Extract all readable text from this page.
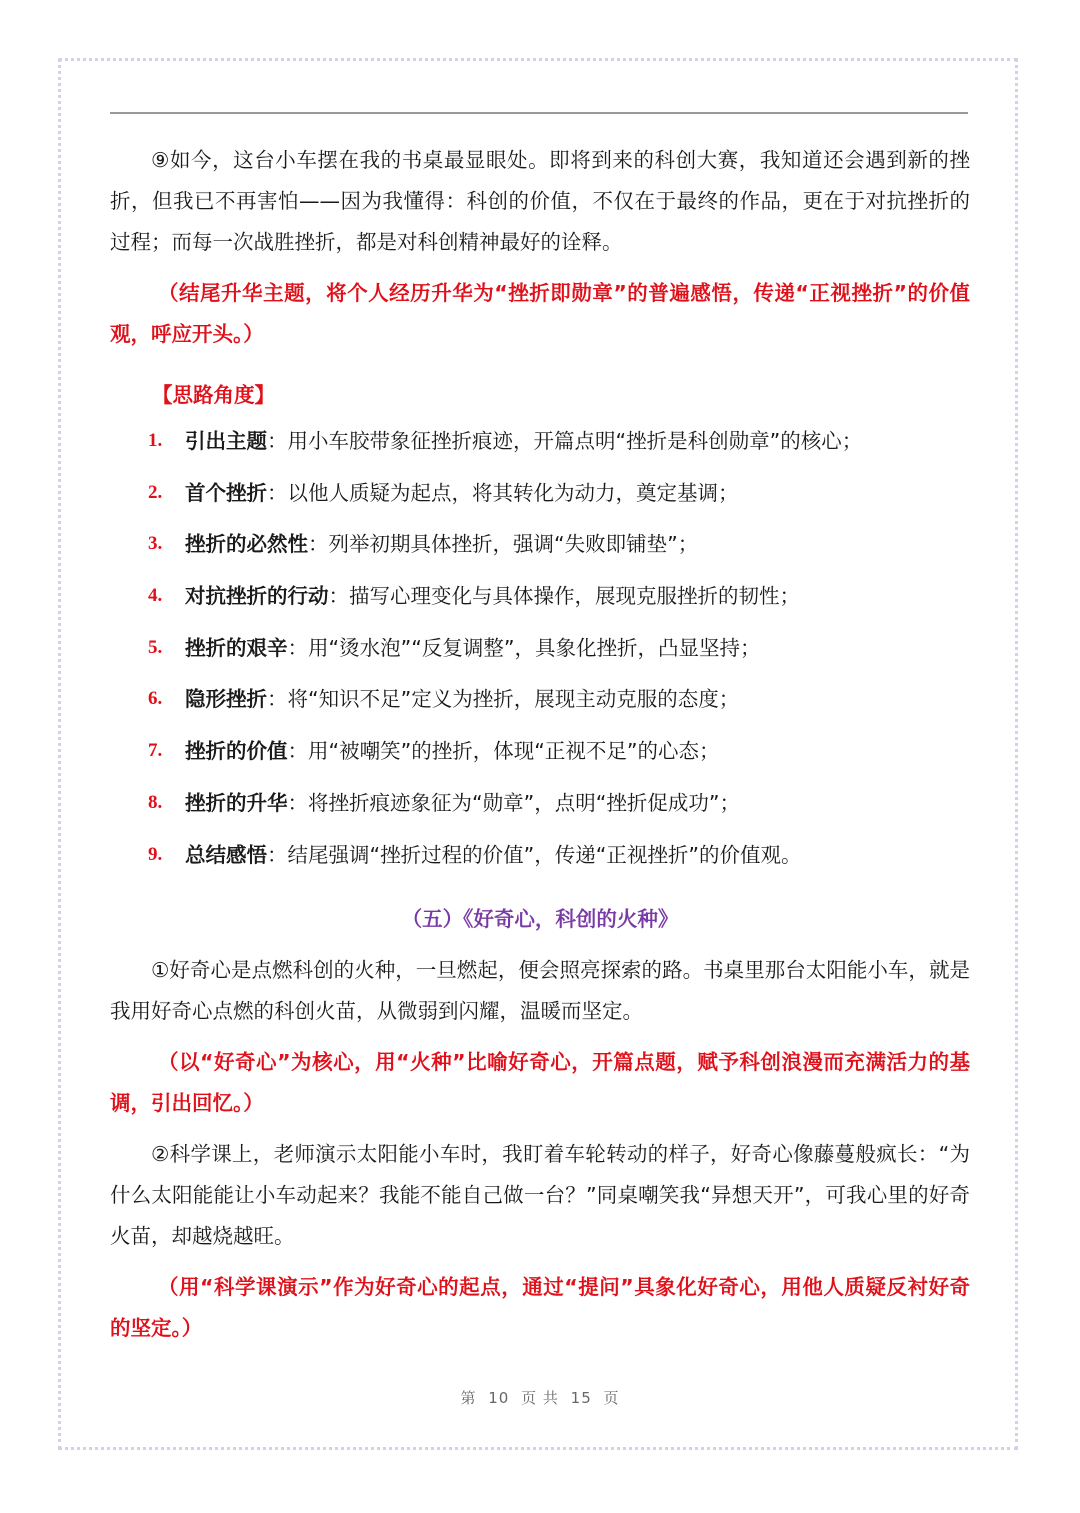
⑨如今，这台小车摆在我的书桌最显眼处。即将到来的科创大赛，我知道还会遇到新的挫折，但我已不再害怕——因为我懂得：科创的价值，不仅在于最终的作品，更在于对抗挫折的过程；而每一次战胜挫折，都是对科创精神最好的诠释。

（结尾升华主题，将个人经历升华为“挫折即勋章”的普遍感悟，传递“正视挫折”的价值观，呼应开头。）

【思路角度】

1.	引出主题：用小车胶带象征挫折痕迹，开篇点明“挫折是科创勋章”的核心；
2.	首个挫折：以他人质疑为起点，将其转化为动力，奠定基调；
3.	挫折的必然性：列举初期具体挫折，强调“失败即铺垫”；
4.	对抗挫折的行动：描写心理变化与具体操作，展现克服挫折的韧性；
5.	挫折的艰辛：用“烫水泡”“反复调整”，具象化挫折，凸显坚持；
6.	隐形挫折：将“知识不足”定义为挫折，展现主动克服的态度；
7.	挫折的价值：用“被嘲笑”的挫折，体现“正视不足”的心态；
8.	挫折的升华：将挫折痕迹象征为“勋章”，点明“挫折促成功”；
9.	总结感悟：结尾强调“挫折过程的价值”，传递“正视挫折”的价值观。

（五）《好奇心，科创的火种》

①好奇心是点燃科创的火种，一旦燃起，便会照亮探索的路。书桌里那台太阳能小车，就是我用好奇心点燃的科创火苗，从微弱到闪耀，温暖而坚定。

（以“好奇心”为核心，用“火种”比喻好奇心，开篇点题，赋予科创浪漫而充满活力的基调，引出回忆。）

②科学课上，老师演示太阳能小车时，我盯着车轮转动的样子，好奇心像藤蔓般疯长：“为什么太阳能能让小车动起来？我能不能自己做一台？”同桌嘲笑我“异想天开”，可我心里的好奇火苗，却越烧越旺。

（用“科学课演示”作为好奇心的起点，通过“提问”具象化好奇心，用他人质疑反衬好奇的坚定。）

第 10 页 共 15 页
